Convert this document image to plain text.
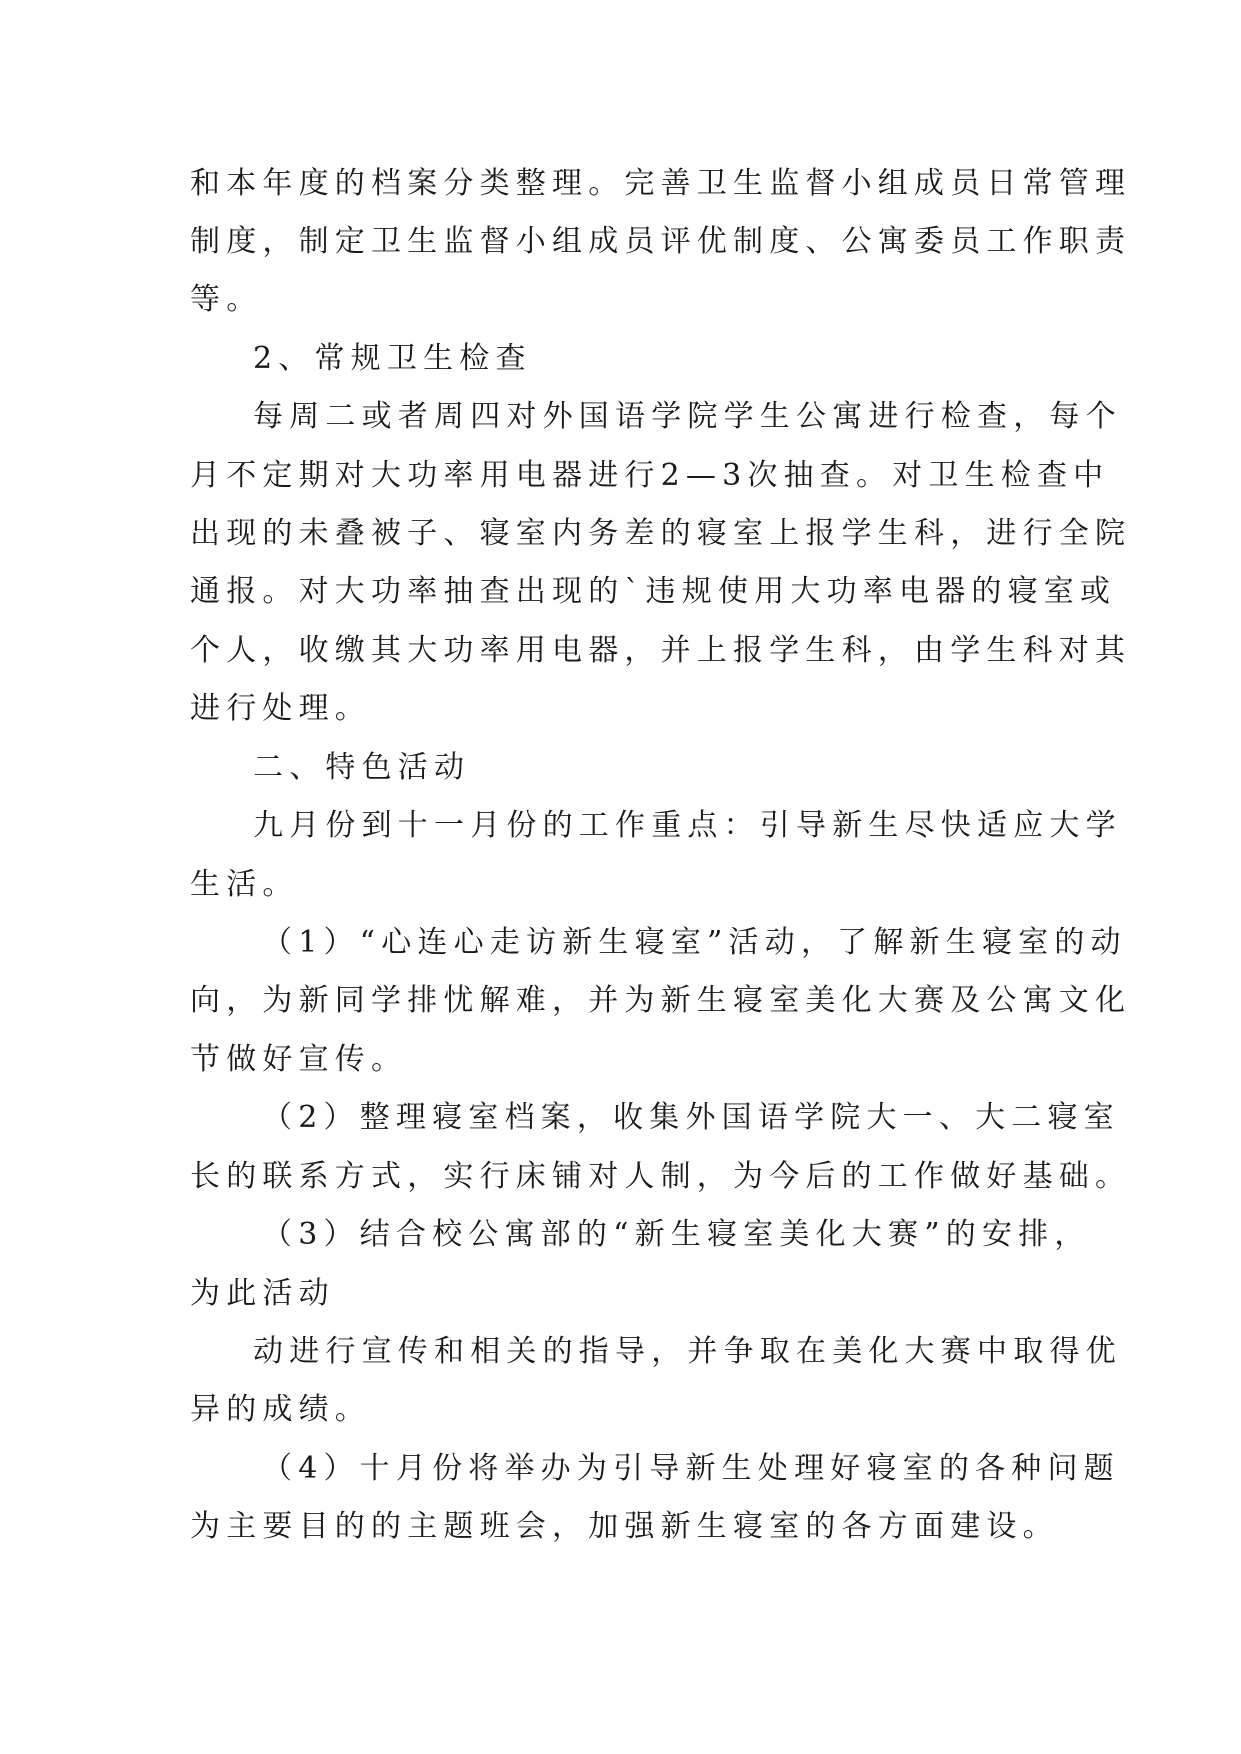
和本年度的档案分类整理。完善卫生监督小组成员日常管理

制度，制定卫生监督小组成员评优制度、公寓委员工作职责

等。

2、常规卫生检查

每周二或者周四对外国语学院学生公寓进行检查，每个

月不定期对大功率用电器进行2—3次抽查。对卫生检查中

出现的未叠被子、寝室内务差的寝室上报学生科，进行全院

通报。对大功率抽查出现的`违规使用大功率电器的寝室或

个人，收缴其大功率用电器，并上报学生科，由学生科对其

进行处理。

二、特色活动

九月份到十一月份的工作重点：引导新生尽快适应大学

生活。

（1）“心连心走访新生寝室”活动，了解新生寝室的动

向，为新同学排忧解难，并为新生寝室美化大赛及公寓文化

节做好宣传。

（2）整理寝室档案，收集外国语学院大一、大二寝室

长的联系方式，实行床铺对人制，为今后的工作做好基础。

（3）结合校公寓部的“新生寝室美化大赛”的安排，

为此活动

动进行宣传和相关的指导，并争取在美化大赛中取得优

异的成绩。

（4）十月份将举办为引导新生处理好寝室的各种问题

为主要目的的主题班会，加强新生寝室的各方面建设。
